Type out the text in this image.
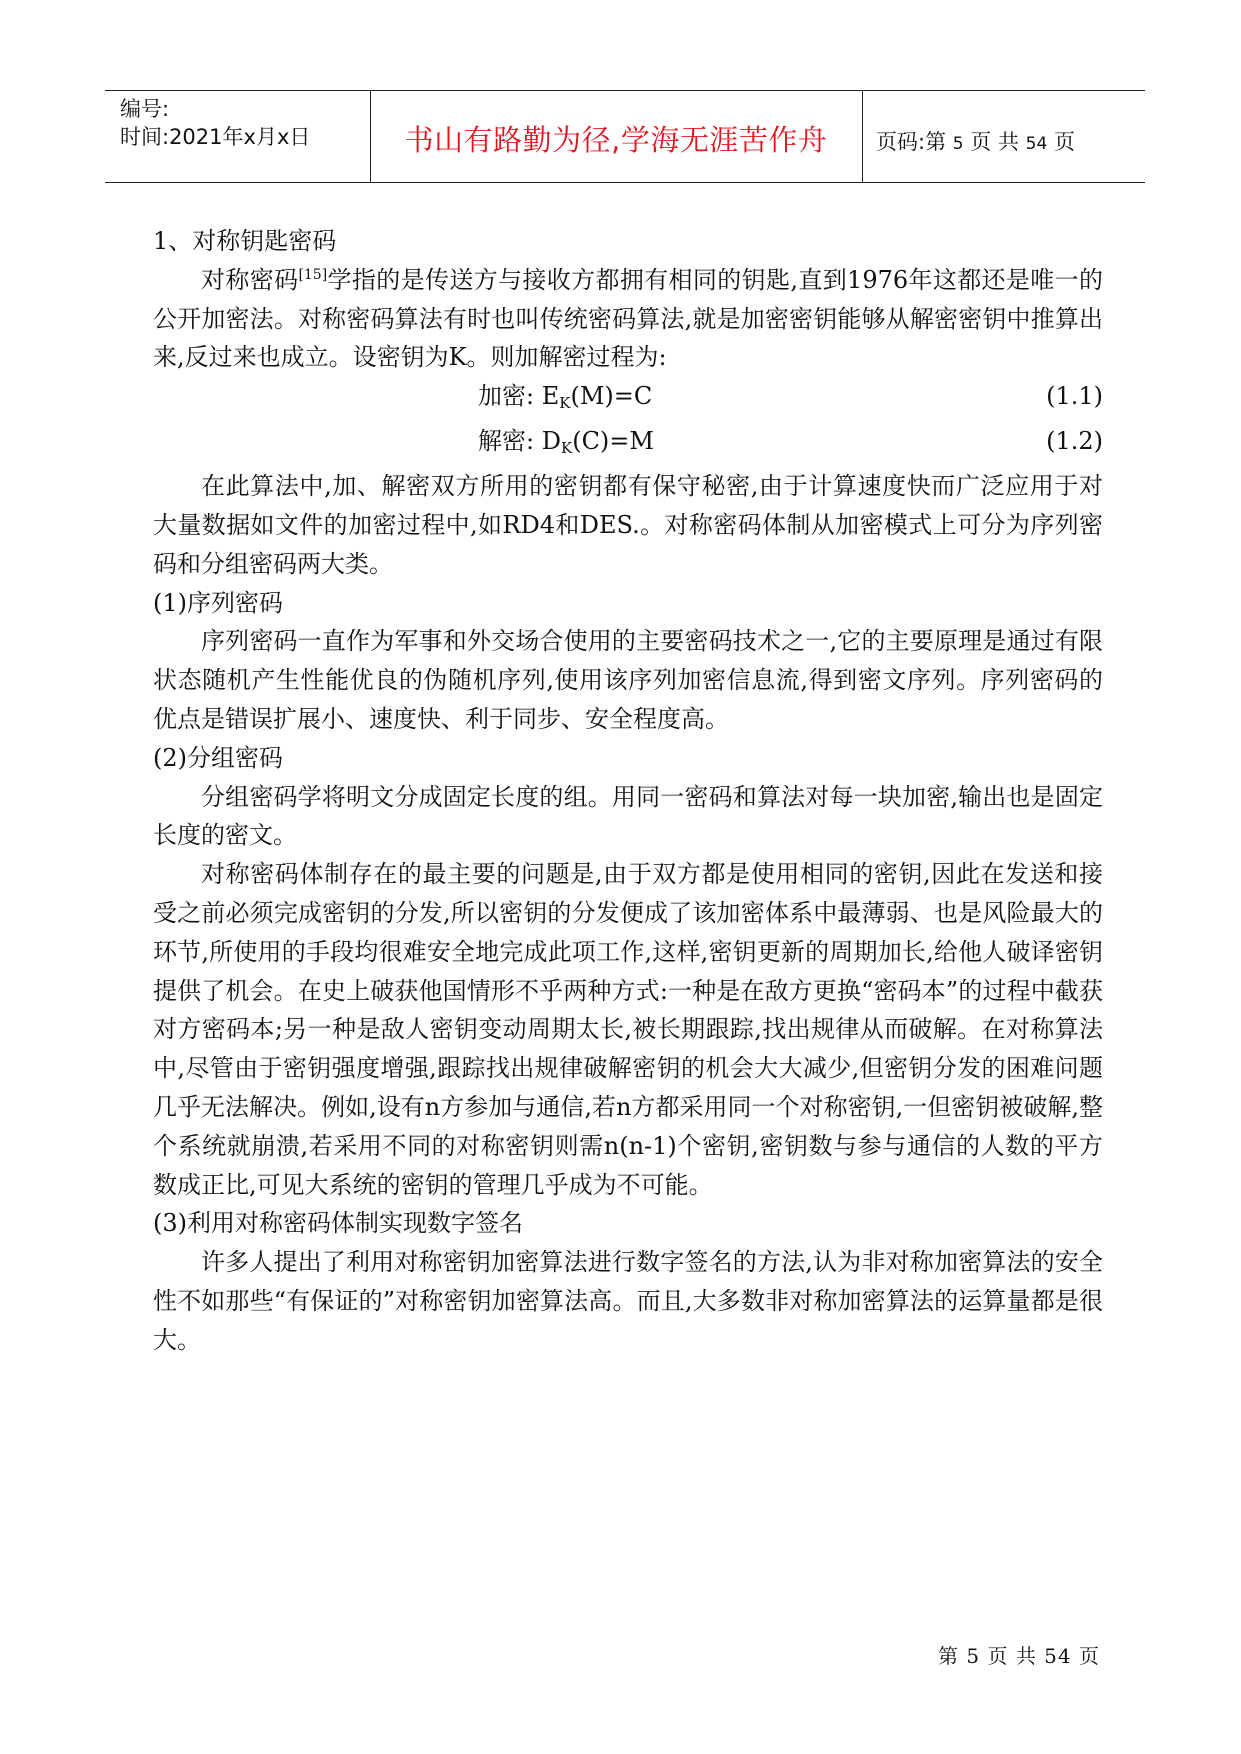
编号:
时间:2021年x月x日	书山有路勤为径,学海无涯苦作舟	页码:第 5 页 共 54 页

1、对称钥匙密码

对称密码[15]学指的是传送方与接收方都拥有相同的钥匙,直到1976年这都还是唯一的公开加密法。对称密码算法有时也叫传统密码算法,就是加密密钥能够从解密密钥中推算出来,反过来也成立。设密钥为K。则加解密过程为:

加密: $E_K(M)=C$	(1.1)
解密: $D_K(C)=M$	(1.2)

在此算法中,加、解密双方所用的密钥都有保守秘密,由于计算速度快而广泛应用于对大量数据如文件的加密过程中,如RD4和DES.。对称密码体制从加密模式上可分为序列密码和分组密码两大类。

(1)序列密码

序列密码一直作为军事和外交场合使用的主要密码技术之一,它的主要原理是通过有限状态随机产生性能优良的伪随机序列,使用该序列加密信息流,得到密文序列。序列密码的优点是错误扩展小、速度快、利于同步、安全程度高。

(2)分组密码

分组密码学将明文分成固定长度的组。用同一密码和算法对每一块加密,输出也是固定长度的密文。

对称密码体制存在的最主要的问题是,由于双方都是使用相同的密钥,因此在发送和接受之前必须完成密钥的分发,所以密钥的分发便成了该加密体系中最薄弱、也是风险最大的环节,所使用的手段均很难安全地完成此项工作,这样,密钥更新的周期加长,给他人破译密钥提供了机会。在史上破获他国情形不乎两种方式:一种是在敌方更换“密码本”的过程中截获对方密码本;另一种是敌人密钥变动周期太长,被长期跟踪,找出规律从而破解。在对称算法中,尽管由于密钥强度增强,跟踪找出规律破解密钥的机会大大减少,但密钥分发的困难问题几乎无法解决。例如,设有n方参加与通信,若n方都采用同一个对称密钥,一但密钥被破解,整个系统就崩溃,若采用不同的对称密钥则需n(n-1)个密钥,密钥数与参与通信的人数的平方数成正比,可见大系统的密钥的管理几乎成为不可能。

(3)利用对称密码体制实现数字签名

许多人提出了利用对称密钥加密算法进行数字签名的方法,认为非对称加密算法的安全性不如那些“有保证的”对称密钥加密算法高。而且,大多数非对称加密算法的运算量都是很大。

第 5 页 共 54 页
